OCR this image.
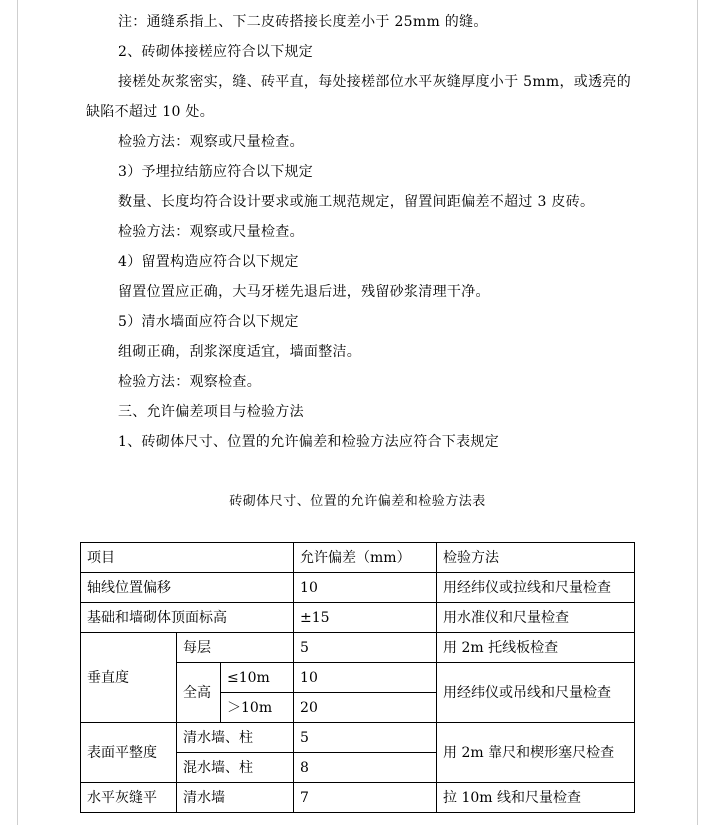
注：通缝系指上、下二皮砖搭接长度差小于 25mm 的缝。
2、砖砌体接槎应符合以下规定
接槎处灰浆密实，缝、砖平直，每处接槎部位水平灰缝厚度小于 5mm，或透亮的
缺陷不超过 10 处。
检验方法：观察或尺量检查。
3）予埋拉结筋应符合以下规定
数量、长度均符合设计要求或施工规范规定，留置间距偏差不超过 3 皮砖。
检验方法：观察或尺量检查。
4）留置构造应符合以下规定
留置位置应正确，大马牙槎先退后进，残留砂浆清理干净。
5）清水墙面应符合以下规定
组砌正确，刮浆深度适宜，墙面整洁。
检验方法：观察检查。
三、允许偏差项目与检验方法
1、砖砌体尺寸、位置的允许偏差和检验方法应符合下表规定
砖砌体尺寸、位置的允许偏差和检验方法表
项目			允许偏差（mm）	检验方法
轴线位置偏移			10	用经纬仪或拉线和尺量检查
基础和墙砌体顶面标高			±15	用水准仪和尺量检查
垂直度	每层		5	用 2m 托线板检查
	全高	≤10m	10	用经纬仪或吊线和尺量检查
		＞10m	20	
表面平整度	清水墙、柱		5	用 2m 靠尺和楔形塞尺检查
	混水墙、柱		8	
水平灰缝平	清水墙		7	拉 10m 线和尺量检查
